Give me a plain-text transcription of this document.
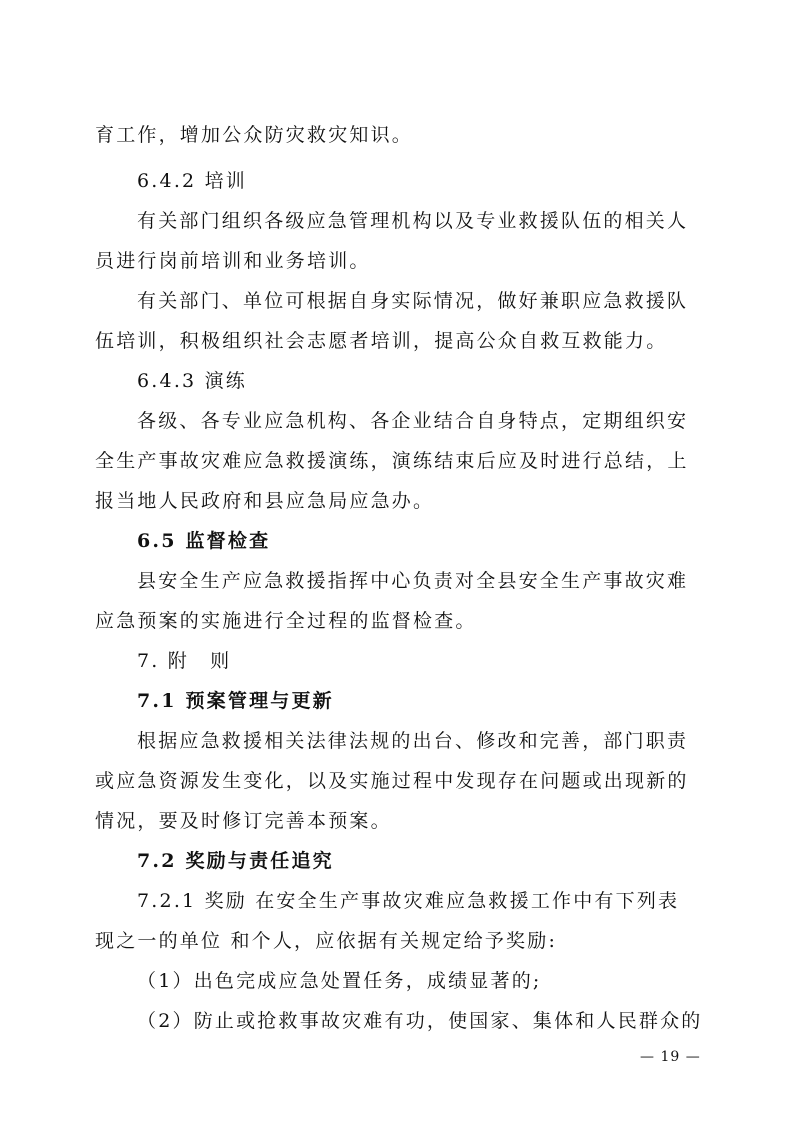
育工作，增加公众防灾救灾知识。
6.4.2 培训
有关部门组织各级应急管理机构以及专业救援队伍的相关人
员进行岗前培训和业务培训。
有关部门、单位可根据自身实际情况，做好兼职应急救援队
伍培训，积极组织社会志愿者培训，提高公众自救互救能力。
6.4.3 演练
各级、各专业应急机构、各企业结合自身特点，定期组织安
全生产事故灾难应急救援演练，演练结束后应及时进行总结，上
报当地人民政府和县应急局应急办。
6.5 监督检查
县安全生产应急救援指挥中心负责对全县安全生产事故灾难
应急预案的实施进行全过程的监督检查。
7. 附　则
7.1 预案管理与更新
根据应急救援相关法律法规的出台、修改和完善，部门职责
或应急资源发生变化，以及实施过程中发现存在问题或出现新的
情况，要及时修订完善本预案。
7.2 奖励与责任追究
7.2.1 奖励 在安全生产事故灾难应急救援工作中有下列表
现之一的单位 和个人，应依据有关规定给予奖励:
（1）出色完成应急处置任务，成绩显著的;
（2）防止或抢救事故灾难有功，使国家、集体和人民群众的
— 19 —
